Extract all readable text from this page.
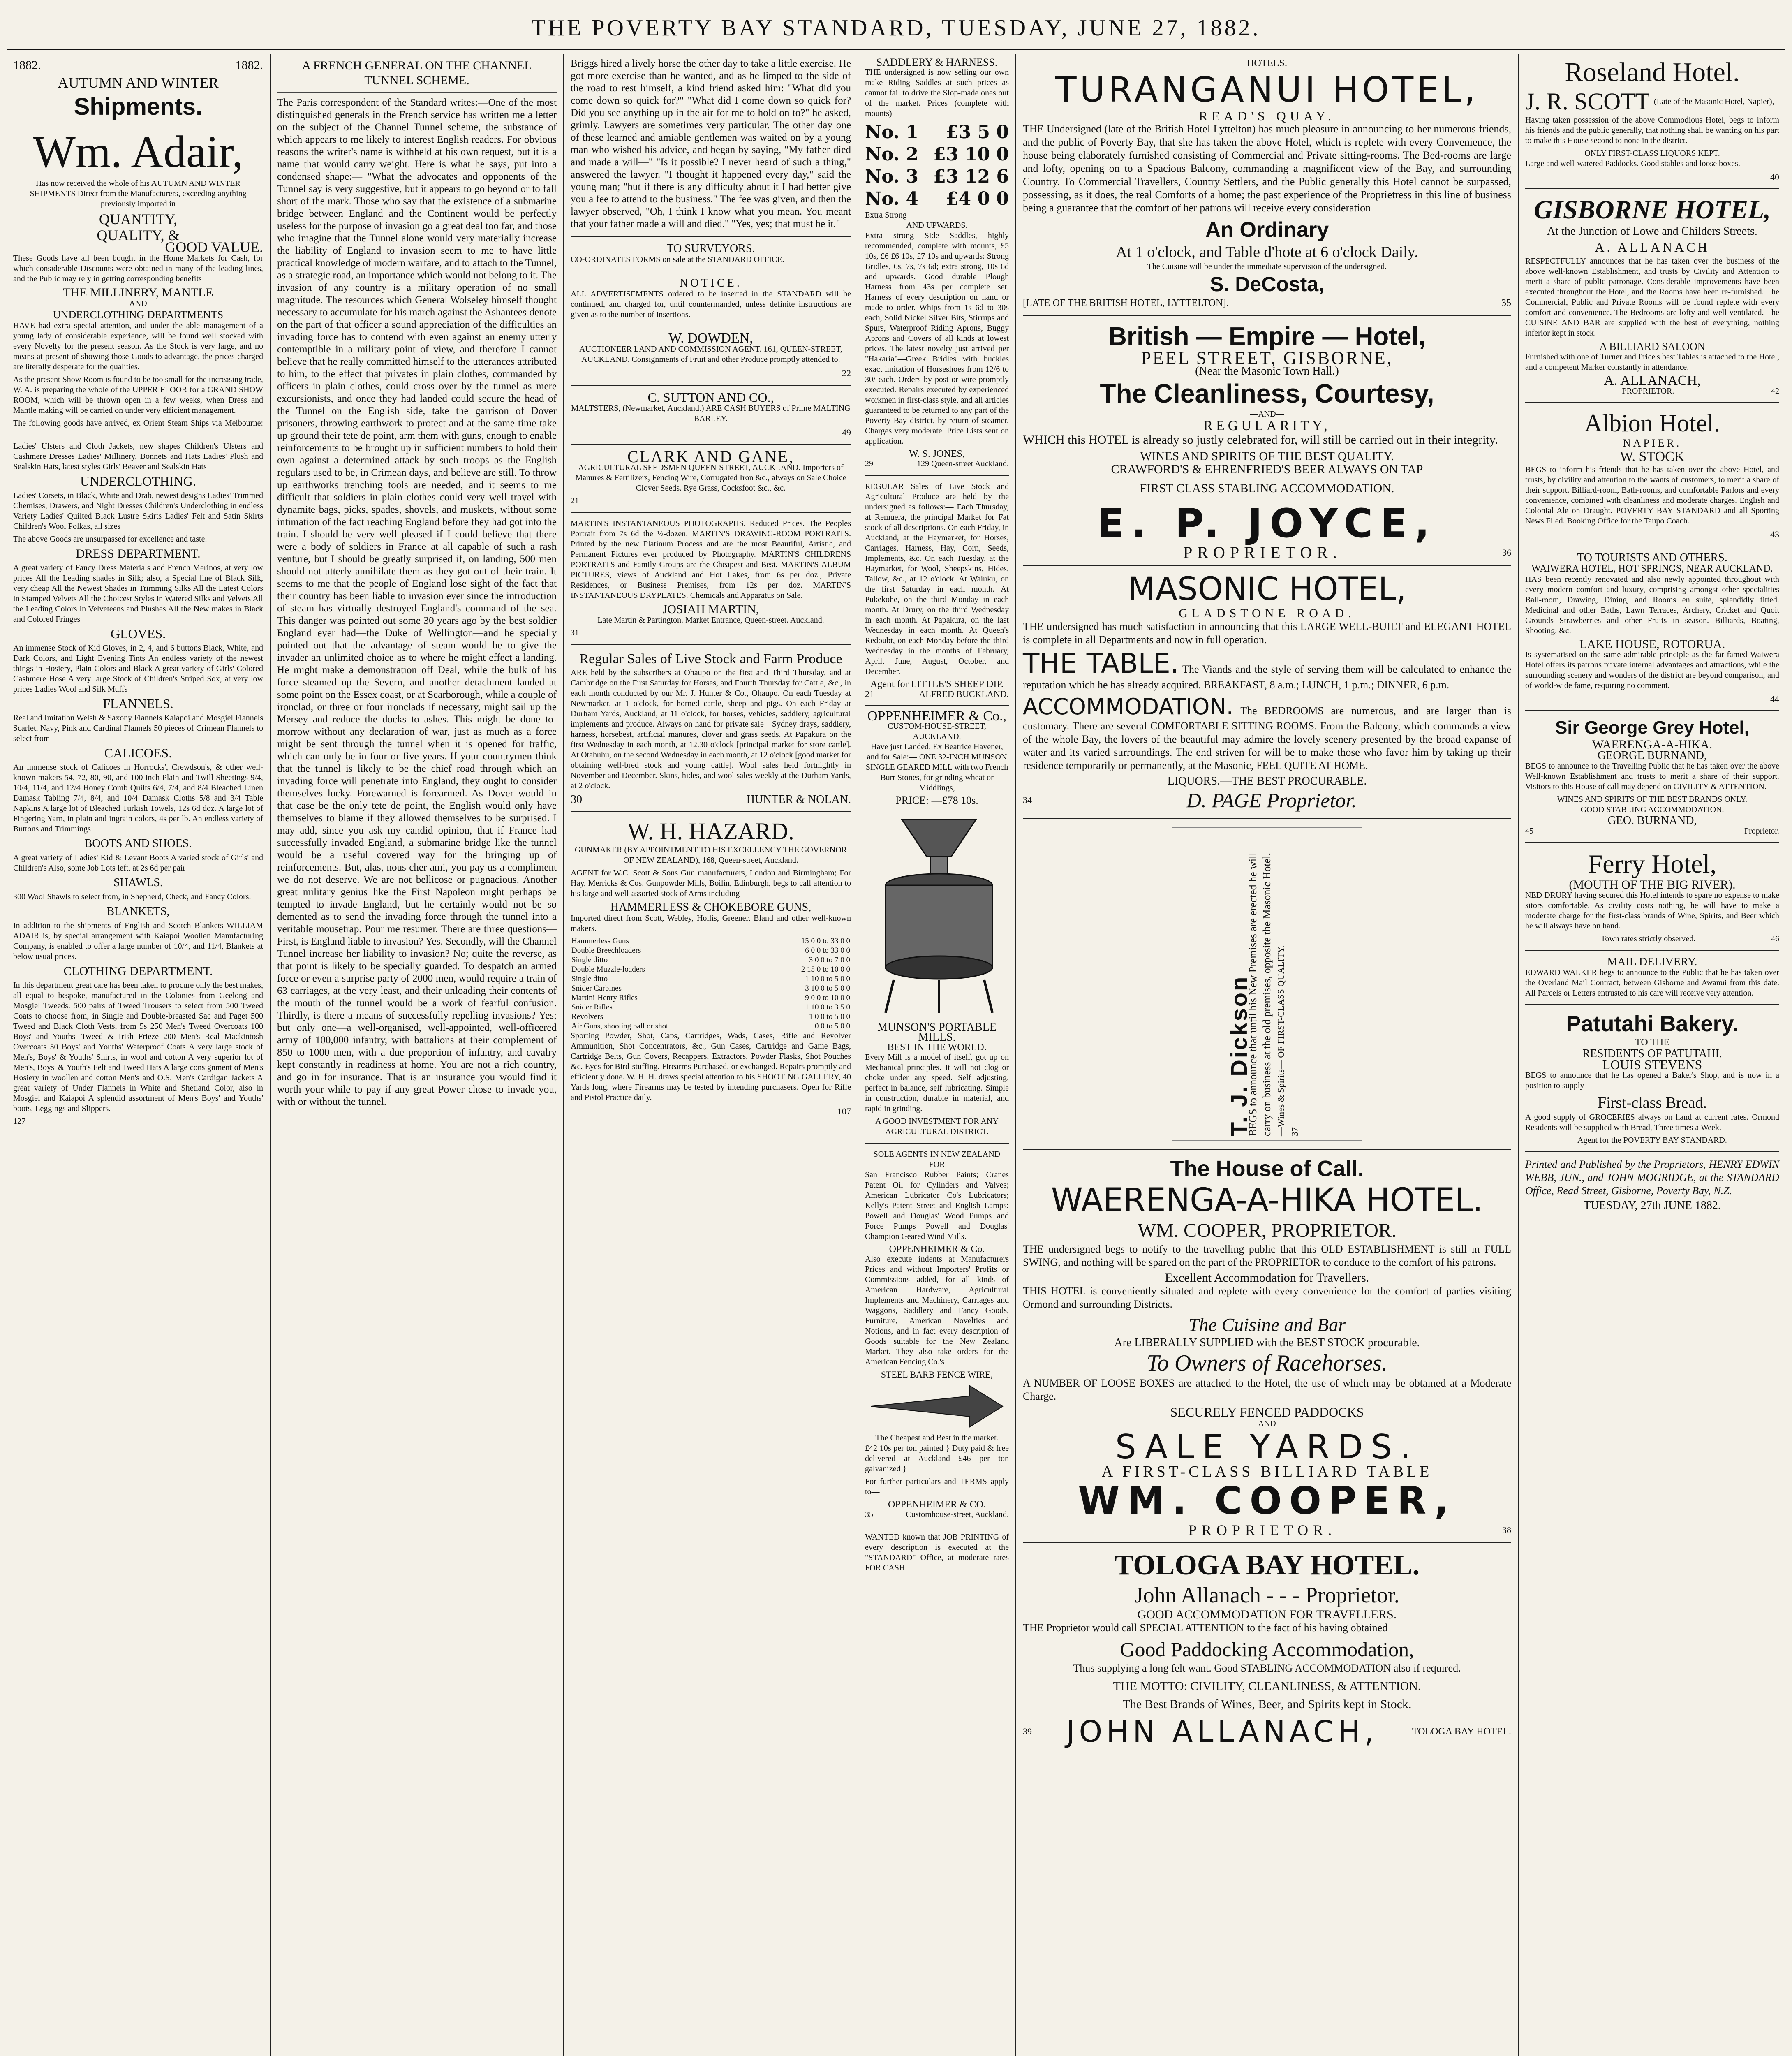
THE POVERTY BAY STANDARD, TUESDAY, JUNE 27, 1882.
1882.	1882.
AUTUMN AND WINTER
Shipments.
Wm. Adair,

Has now received the whole of his AUTUMN AND WINTER SHIPMENTS Direct from the Manufacturers, exceeding anything previously imported in

QUANTITY,
QUALITY, &
GOOD VALUE.

These Goods have all been bought in the Home Markets for Cash, for which considerable Discounts were obtained in many of the leading lines, and the Public may rely in getting corresponding benefits

THE MILLINERY, MANTLE
—AND—
UNDERCLOTHING DEPARTMENTS

HAVE had extra special attention, and under the able management of a young lady of considerable experience, will be found well stocked with every Novelty for the present season. As the Stock is very large, and no means at present of showing those Goods to advantage, the prices charged are literally desperate for the qualities.

As the present Show Room is found to be too small for the increasing trade, W. A. is preparing the whole of the UPPER FLOOR for a GRAND SHOW ROOM, which will be thrown open in a few weeks, when Dress and Mantle making will be carried on under very efficient management.

The following goods have arrived, ex Orient Steam Ships via Melbourne:—

Ladies' Ulsters and Cloth Jackets, new shapes Children's Ulsters and Cashmere Dresses Ladies' Millinery, Bonnets and Hats Ladies' Plush and Sealskin Hats, latest styles Girls' Beaver and Sealskin Hats

UNDERCLOTHING.

Ladies' Corsets, in Black, White and Drab, newest designs Ladies' Trimmed Chemises, Drawers, and Night Dresses Children's Underclothing in endless Variety Ladies' Quilted Black Lustre Skirts Ladies' Felt and Satin Skirts Children's Wool Polkas, all sizes

The above Goods are unsurpassed for excellence and taste.

DRESS DEPARTMENT.

A great variety of Fancy Dress Materials and French Merinos, at very low prices All the Leading shades in Silk; also, a Special line of Black Silk, very cheap All the Newest Shades in Trimming Silks All the Latest Colors in Stamped Velvets All the Choicest Styles in Watered Silks and Velvets All the Leading Colors in Velveteens and Plushes All the New makes in Black and Colored Fringes

GLOVES.

An immense Stock of Kid Gloves, in 2, 4, and 6 buttons Black, White, and Dark Colors, and Light Evening Tints An endless variety of the newest things in Hosiery, Plain Colors and Black A great variety of Girls' Colored Cashmere Hose A very large Stock of Children's Striped Sox, at very low prices Ladies Wool and Silk Muffs

FLANNELS.

Real and Imitation Welsh & Saxony Flannels Kaiapoi and Mosgiel Flannels Scarlet, Navy, Pink and Cardinal Flannels 50 pieces of Crimean Flannels to select from

CALICOES.

An immense stock of Calicoes in Horrocks', Crewdson's, & other well-known makers 54, 72, 80, 90, and 100 inch Plain and Twill Sheetings 9/4, 10/4, 11/4, and 12/4 Honey Comb Quilts 6/4, 7/4, and 8/4 Bleached Linen Damask Tabling 7/4, 8/4, and 10/4 Damask Cloths 5/8 and 3/4 Table Napkins A large lot of Bleached Turkish Towels, 12s 6d doz. A large lot of Fingering Yarn, in plain and ingrain colors, 4s per lb. An endless variety of Buttons and Trimmings

BOOTS AND SHOES.

A great variety of Ladies' Kid & Levant Boots A varied stock of Girls' and Children's Also, some Job Lots left, at 2s 6d per pair

SHAWLS.

300 Wool Shawls to select from, in Shepherd, Check, and Fancy Colors.

BLANKETS,

In addition to the shipments of English and Scotch Blankets WILLIAM ADAIR is, by special arrangement with Kaiapoi Woollen Manufacturing Company, is enabled to offer a large number of 10/4, and 11/4, Blankets at below usual prices.

CLOTHING DEPARTMENT.

In this department great care has been taken to procure only the best makes, all equal to bespoke, manufactured in the Colonies from Geelong and Mosgiel Tweeds. 500 pairs of Tweed Trousers to select from 500 Tweed Coats to choose from, in Single and Double-breasted Sac and Paget 500 Tweed and Black Cloth Vests, from 5s 250 Men's Tweed Overcoats 100 Boys' and Youths' Tweed & Irish Frieze 200 Men's Real Mackintosh Overcoats 50 Boys' and Youths' Waterproof Coats A very large stock of Men's, Boys' & Youths' Shirts, in wool and cotton A very superior lot of Men's, Boys' & Youth's Felt and Tweed Hats A large consignment of Men's Hosiery in woollen and cotton Men's and O.S. Men's Cardigan Jackets A great variety of Under Flannels in White and Shetland Color, also in Mosgiel and Kaiapoi A splendid assortment of Men's Boys' and Youths' boots, Leggings and Slippers.

127
A FRENCH GENERAL ON THE CHANNEL TUNNEL SCHEME.

The Paris correspondent of the Standard writes:—One of the most distinguished generals in the French service has written me a letter on the subject of the Channel Tunnel scheme, the substance of which appears to me likely to interest English readers. For obvious reasons the writer's name is withheld at his own request, but it is a name that would carry weight. Here is what he says, put into a condensed shape:— "What the advocates and opponents of the Tunnel say is very suggestive, but it appears to go beyond or to fall short of the mark. Those who say that the existence of a submarine bridge between England and the Continent would be perfectly useless for the purpose of invasion go a great deal too far, and those who imagine that the Tunnel alone would very materially increase the liability of England to invasion seem to me to have little practical knowledge of modern warfare, and to attach to the Tunnel, as a strategic road, an importance which would not belong to it. The invasion of any country is a military operation of no small magnitude. The resources which General Wolseley himself thought necessary to accumulate for his march against the Ashantees denote on the part of that officer a sound appreciation of the difficulties an invading force has to contend with even against an enemy utterly contemptible in a military point of view, and therefore I cannot believe that he really committed himself to the utterances attributed to him, to the effect that privates in plain clothes, commanded by officers in plain clothes, could cross over by the tunnel as mere excursionists, and once they had landed could secure the head of the Tunnel on the English side, take the garrison of Dover prisoners, throwing earthwork to protect and at the same time take up ground their tete de point, arm them with guns, enough to enable reinforcements to be brought up in sufficient numbers to hold their own against a determined attack by such troops as the English regulars used to be, in Crimean days, and believe are still. To throw up earthworks trenching tools are needed, and it seems to me difficult that soldiers in plain clothes could very well travel with dynamite bags, picks, spades, shovels, and muskets, without some intimation of the fact reaching England before they had got into the train. I should be very well pleased if I could believe that there were a body of soldiers in France at all capable of such a rash venture, but I should be greatly surprised if, on landing, 500 men should not utterly annihilate them as they got out of their train. It seems to me that the people of England lose sight of the fact that their country has been liable to invasion ever since the introduction of steam has virtually destroyed England's command of the sea. This danger was pointed out some 30 years ago by the best soldier England ever had—the Duke of Wellington—and he specially pointed out that the advantage of steam would be to give the invader an unlimited choice as to where he might effect a landing. He might make a demonstration off Deal, while the bulk of his force steamed up the Severn, and another detachment landed at some point on the Essex coast, or at Scarborough, while a couple of ironclad, or three or four ironclads if necessary, might sail up the Mersey and reduce the docks to ashes. This might be done to-morrow without any declaration of war, just as much as a force might be sent through the tunnel when it is opened for traffic, which can only be in four or five years. If your countrymen think that the tunnel is likely to be the chief road through which an invading force will penetrate into England, they ought to consider themselves lucky. Forewarned is forearmed. As Dover would in that case be the only tete de point, the English would only have themselves to blame if they allowed themselves to be surprised. I may add, since you ask my candid opinion, that if France had successfully invaded England, a submarine bridge like the tunnel would be a useful covered way for the bringing up of reinforcements. But, alas, nous cher ami, you pay us a compliment we do not deserve. We are not bellicose or pugnacious. Another great military genius like the First Napoleon might perhaps be tempted to invade England, but he certainly would not be so demented as to send the invading force through the tunnel into a veritable mousetrap. Pour me resumer. There are three questions—First, is England liable to invasion? Yes. Secondly, will the Channel Tunnel increase her liability to invasion? No; quite the reverse, as that point is likely to be specially guarded. To despatch an armed force or even a surprise party of 2000 men, would require a train of 63 carriages, at the very least, and their unloading their contents of the mouth of the tunnel would be a work of fearful confusion. Thirdly, is there a means of successfully repelling invasions? Yes; but only one—a well-organised, well-appointed, well-officered army of 100,000 infantry, with battalions at their complement of 850 to 1000 men, with a due proportion of infantry, and cavalry kept constantly in readiness at home. You are not a rich country, and go in for insurance. That is an insurance you would find it worth your while to pay if any great Power chose to invade you, with or without the tunnel.

Briggs hired a lively horse the other day to take a little exercise. He got more exercise than he wanted, and as he limped to the side of the road to rest himself, a kind friend asked him: "What did you come down so quick for?" "What did I come down so quick for? Did you see anything up in the air for me to hold on to?" he asked, grimly. Lawyers are sometimes very particular. The other day one of these learned and amiable gentlemen was waited on by a young man who wished his advice, and began by saying, "My father died and made a will—" "Is it possible? I never heard of such a thing," answered the lawyer. "I thought it happened every day," said the young man; "but if there is any difficulty about it I had better give you a fee to attend to the business." The fee was given, and then the lawyer observed, "Oh, I think I know what you mean. You meant that your father made a will and died." "Yes, yes; that must be it."

TO SURVEYORS.

CO-ORDINATES FORMS on sale at the STANDARD OFFICE.

NOTICE.

ALL ADVERTISEMENTS ordered to be inserted in the STANDARD will be continued, and charged for, until countermanded, unless definite instructions are given as to the number of insertions.

W. DOWDEN,

AUCTIONEER LAND AND COMMISSION AGENT. 161, QUEEN-STREET, AUCKLAND. Consignments of Fruit and other Produce promptly attended to.

22
C. SUTTON AND CO.,

MALTSTERS, (Newmarket, Auckland.) ARE CASH BUYERS of Prime MALTING BARLEY.

49
CLARK AND GANE,

AGRICULTURAL SEEDSMEN QUEEN-STREET, AUCKLAND. Importers of Manures & Fertilizers, Fencing Wire, Corrugated Iron &c., always on Sale Choice Clover Seeds. Rye Grass, Cocksfoot &c., &c.

21

MARTIN'S INSTANTANEOUS PHOTOGRAPHS. Reduced Prices. The Peoples Portrait from 7s 6d the ½-dozen. MARTIN'S DRAWING-ROOM PORTRAITS. Printed by the new Platinum Process and are the most Beautiful, Artistic, and Permanent Pictures ever produced by Photography. MARTIN'S CHILDRENS PORTRAITS and Family Groups are the Cheapest and Best. MARTIN'S ALBUM PICTURES, views of Auckland and Hot Lakes, from 6s per doz., Private Residences, or Business Premises, from 12s per doz. MARTIN'S INSTANTANEOUS DRYPLATES. Chemicals and Apparatus on Sale.

JOSIAH MARTIN,

Late Martin & Partington. Market Entrance, Queen-street. Auckland.

31
Regular Sales of Live Stock and Farm Produce

ARE held by the subscribers at Ohaupo on the first and Third Thursday, and at Cambridge on the First Saturday for Horses, and Fourth Thursday for Cattle, &c., in each month conducted by our Mr. J. Hunter & Co., Ohaupo. On each Tuesday at Newmarket, at 1 o'clock, for horned cattle, sheep and pigs. On each Friday at Durham Yards, Auckland, at 11 o'clock, for horses, vehicles, saddlery, agricultural implements and produce. Always on hand for private sale—Sydney drays, saddlery, harness, horsebest, artificial manures, clover and grass seeds. At Papakura on the first Wednesday in each month, at 12.30 o'clock [principal market for store cattle]. At Otahuhu, on the second Wednesday in each month, at 12 o'clock [good market for obtaining well-bred stock and young cattle]. Wool sales held fortnightly in November and December. Skins, hides, and wool sales weekly at the Durham Yards, at 2 o'clock.

30	HUNTER & NOLAN.
W. H. HAZARD.

GUNMAKER (BY APPOINTMENT TO HIS EXCELLENCY THE GOVERNOR OF NEW ZEALAND), 168, Queen-street, Auckland.

AGENT for W.C. Scott & Sons Gun manufacturers, London and Birmingham; For Hay, Merricks & Cos. Gunpowder Mills, Boilin, Edinburgh, begs to call attention to his large and well-assorted stock of Arms including—

HAMMERLESS & CHOKEBORE GUNS,

Imported direct from Scott, Webley, Hollis, Greener, Bland and other well-known makers.

Hammerless Guns	15 0 0 to 33 0 0
Double Breechloaders	6 0 0 to 33 0 0
Single ditto	3 0 0 to 7 0 0
Double Muzzle-loaders	2 15 0 to 10 0 0
Single ditto	1 10 0 to 5 0 0
Snider Carbines	3 10 0 to 5 0 0
Martini-Henry Rifles	9 0 0 to 10 0 0
Snider Rifles	1 10 0 to 3 5 0
Revolvers	1 0 0 to 5 0 0
Air Guns, shooting ball or shot	0 0 to 5 0 0

Sporting Powder, Shot, Caps, Cartridges, Wads, Cases, Rifle and Revolver Ammunition, Shot Concentrators, &c., Gun Cases, Cartridge and Game Bags, Cartridge Belts, Gun Covers, Recappers, Extractors, Powder Flasks, Shot Pouches &c. Eyes for Bird-stuffing. Firearms Purchased, or exchanged. Repairs promptly and efficiently done. W. H. H. draws special attention to his SHOOTING GALLERY, 40 Yards long, where Firearms may be tested by intending purchasers. Open for Rifle and Pistol Practice daily.

107
SADDLERY & HARNESS.

THE undersigned is now selling our own make Riding Saddles at such prices as cannot fail to drive the Slop-made ones out of the market. Prices (complete with mounts)—

No. 1 £3 5 0
No. 2 £3 10 0
No. 3 £3 12 6
No. 4 £4 0 0
Extra Strong
AND UPWARDS.

Extra strong Side Saddles, highly recommended, complete with mounts, £5 10s, £6 £6 10s, £7 10s and upwards: Strong Bridles, 6s, 7s, 7s 6d; extra strong, 10s 6d and upwards. Good durable Plough Harness from 43s per complete set. Harness of every description on hand or made to order. Whips from 1s 6d to 30s each, Solid Nickel Silver Bits, Stirrups and Spurs, Waterproof Riding Aprons, Buggy Aprons and Covers of all kinds at lowest prices. The latest novelty just arrived per "Hakaria"—Greek Bridles with buckles exact imitation of Horseshoes from 12/6 to 30/ each. Orders by post or wire promptly executed. Repairs executed by experienced workmen in first-class style, and all articles guaranteed to be returned to any part of the Poverty Bay district, by return of steamer. Charges very moderate. Price Lists sent on application.

W. S. JONES,
29	129 Queen-street Auckland.

REGULAR Sales of Live Stock and Agricultural Produce are held by the undersigned as follows:— Each Thursday, at Remuera, the principal Market for Fat stock of all descriptions. On each Friday, in Auckland, at the Haymarket, for Horses, Carriages, Harness, Hay, Corn, Seeds, Implements, &c. On each Tuesday, at the Haymarket, for Wool, Sheepskins, Hides, Tallow, &c., at 12 o'clock. At Waiuku, on the first Saturday in each month. At Pukekohe, on the third Monday in each month. At Drury, on the third Wednesday in each month. At Papakura, on the last Wednesday in each month. At Queen's Redoubt, on each Monday before the third Wednesday in the months of February, April, June, August, October, and December.

Agent for LITTLE'S SHEEP DIP.
21	ALFRED BUCKLAND.
OPPENHEIMER & Co.,
CUSTOM-HOUSE-STREET, AUCKLAND,

Have just Landed, Ex Beatrice Havener, and for Sale:— ONE 32-INCH MUNSON SINGLE GEARED MILL with two French Burr Stones, for grinding wheat or Middlings,

PRICE: —£78 10s.
MUNSON'S PORTABLE MILLS.
BEST IN THE WORLD.

Every Mill is a model of itself, got up on Mechanical principles. It will not clog or choke under any speed. Self adjusting, perfect in balance, self lubricating. Simple in construction, durable in material, and rapid in grinding.

A GOOD INVESTMENT FOR ANY AGRICULTURAL DISTRICT.
SOLE AGENTS IN NEW ZEALAND FOR

San Francisco Rubber Paints; Cranes Patent Oil for Cylinders and Valves; American Lubricator Co's Lubricators; Kelly's Patent Street and English Lamps; Powell and Douglas' Wood Pumps and Force Pumps Powell and Douglas' Champion Geared Wind Mills.

OPPENHEIMER & Co.

Also execute indents at Manufacturers Prices and without Importers' Profits or Commissions added, for all kinds of American Hardware, Agricultural Implements and Machinery, Carriages and Waggons, Saddlery and Fancy Goods, Furniture, American Novelties and Notions, and in fact every description of Goods suitable for the New Zealand Market. They also take orders for the American Fencing Co.'s

STEEL BARB FENCE WIRE,
The Cheapest and Best in the market.

£42 10s per ton painted } Duty paid & free delivered at Auckland £46 per ton galvanized }

For further particulars and TERMS apply to—

OPPENHEIMER & CO.
35	Customhouse-street, Auckland.

WANTED known that JOB PRINTING of every description is executed at the "STANDARD" Office, at moderate rates FOR CASH.

HOTELS.
TURANGANUI HOTEL,
READ'S QUAY.

THE Undersigned (late of the British Hotel Lyttelton) has much pleasure in announcing to her numerous friends, and the public of Poverty Bay, that she has taken the above Hotel, which is replete with every Convenience, the house being elaborately furnished consisting of Commercial and Private sitting-rooms. The Bed-rooms are large and lofty, opening on to a Spacious Balcony, commanding a magnificent view of the Bay, and surrounding Country. To Commercial Travellers, Country Settlers, and the Public generally this Hotel cannot be surpassed, possessing, as it does, the real Comforts of a home; the past experience of the Proprietress in this line of business being a guarantee that the comfort of her patrons will receive every consideration

An Ordinary
At 1 o'clock, and Table d'hote at 6 o'clock Daily.
The Cuisine will be under the immediate supervision of the undersigned.
S. DeCosta,
[LATE OF THE BRITISH HOTEL, LYTTELTON].	35
British — Empire — Hotel,
PEEL STREET, GISBORNE,
(Near the Masonic Town Hall.)
The Cleanliness, Courtesy,
—AND—
REGULARITY,

WHICH this HOTEL is already so justly celebrated for, will still be carried out in their integrity.

WINES AND SPIRITS OF THE BEST QUALITY.
CRAWFORD'S & EHRENFRIED'S BEER ALWAYS ON TAP
FIRST CLASS STABLING ACCOMMODATION.
E. P. JOYCE,
PROPRIETOR.	36
MASONIC HOTEL,
GLADSTONE ROAD.

THE undersigned has much satisfaction in announcing that this LARGE WELL-BUILT and ELEGANT HOTEL is complete in all Departments and now in full operation.

THE TABLE. The Viands and the style of serving them will be calculated to enhance the reputation which he has already acquired. BREAKFAST, 8 a.m.; LUNCH, 1 p.m.; DINNER, 6 p.m.

ACCOMMODATION. The BEDROOMS are numerous, and are larger than is customary. There are several COMFORTABLE SITTING ROOMS. From the Balcony, which commands a view of the whole Bay, the lovers of the beautiful may admire the lovely scenery presented by the broad expanse of water and its varied surroundings. The end striven for will be to make those who favor him by taking up their residence temporarily or permanently, at the Masonic, FEEL QUITE AT HOME.

LIQUORS.—THE BEST PROCURABLE.
34	D. PAGE Proprietor.
T. J. Dickson
BEGS to announce that until his New Premises are erected he will carry on business at the old premises, opposite the Masonic Hotel. —Wines & Spirits— OF FIRST-CLASS QUALITY. 37
The House of Call.
WAERENGA-A-HIKA HOTEL.
WM. COOPER, PROPRIETOR.

THE undersigned begs to notify to the travelling public that this OLD ESTABLISHMENT is still in FULL SWING, and nothing will be spared on the part of the PROPRIETOR to conduce to the comfort of his patrons.

Excellent Accommodation for Travellers.

THIS HOTEL is conveniently situated and replete with every convenience for the comfort of parties visiting Ormond and surrounding Districts.

The Cuisine and Bar
Are LIBERALLY SUPPLIED with the BEST STOCK procurable.
To Owners of Racehorses.

A NUMBER OF LOOSE BOXES are attached to the Hotel, the use of which may be obtained at a Moderate Charge.

SECURELY FENCED PADDOCKS
—AND—
SALE YARDS.
A FIRST-CLASS BILLIARD TABLE
WM. COOPER,
PROPRIETOR.	38
TOLOGA BAY HOTEL.
John Allanach - - - Proprietor.
GOOD ACCOMMODATION FOR TRAVELLERS.

THE Proprietor would call SPECIAL ATTENTION to the fact of his having obtained

Good Paddocking Accommodation,

Thus supplying a long felt want. Good STABLING ACCOMMODATION also if required.

THE MOTTO: CIVILITY, CLEANLINESS, & ATTENTION.
The Best Brands of Wines, Beer, and Spirits kept in Stock.
39 JOHN ALLANACH,	TOLOGA BAY HOTEL.
Roseland Hotel.
J. R. SCOTT (Late of the Masonic Hotel, Napier),

Having taken possession of the above Commodious Hotel, begs to inform his friends and the public generally, that nothing shall be wanting on his part to make this House second to none in the district.

ONLY FIRST-CLASS LIQUORS KEPT.

Large and well-watered Paddocks. Good stables and loose boxes.

40
GISBORNE HOTEL,
At the Junction of Lowe and Childers Streets.
A. ALLANACH

RESPECTFULLY announces that he has taken over the business of the above well-known Establishment, and trusts by Civility and Attention to merit a share of public patronage. Considerable improvements have been executed throughout the Hotel, and the Rooms have been re-furnished. The Commercial, Public and Private Rooms will be found replete with every comfort and convenience. The Bedrooms are lofty and well-ventilated. The CUISINE AND BAR are supplied with the best of everything, nothing inferior kept in stock.

A BILLIARD SALOON

Furnished with one of Turner and Price's best Tables is attached to the Hotel, and a competent Marker constantly in attendance.

A. ALLANACH,
PROPRIETOR.	42
Albion Hotel.
NAPIER.
W. STOCK

BEGS to inform his friends that he has taken over the above Hotel, and trusts, by civility and attention to the wants of customers, to merit a share of their support. Billiard-room, Bath-rooms, and comfortable Parlors and every convenience, combined with cleanliness and moderate charges. English and Colonial Ale on Draught. POVERTY BAY STANDARD and all Sporting News Filed. Booking Office for the Taupo Coach.

43
TO TOURISTS AND OTHERS.
WAIWERA HOTEL, HOT SPRINGS, NEAR AUCKLAND.

HAS been recently renovated and also newly appointed throughout with every modern comfort and luxury, comprising amongst other specialities Ball-room, Drawing, Dining, and Rooms en suite, splendidly fitted. Medicinal and other Baths, Lawn Terraces, Archery, Cricket and Quoit Grounds Strawberries and other Fruits in season. Billiards, Boating, Shooting, &c.

LAKE HOUSE, ROTORUA.

Is systematised on the same admirable principle as the far-famed Waiwera Hotel offers its patrons private internal advantages and attractions, while the surrounding scenery and wonders of the district are beyond comparison, and of world-wide fame, requiring no comment.

44
Sir George Grey Hotel,
WAERENGA-A-HIKA.
GEORGE BURNAND,

BEGS to announce to the Travelling Public that he has taken over the above Well-known Establishment and trusts to merit a share of their support. Visitors to this House of call may depend on CIVILITY & ATTENTION.

WINES AND SPIRITS OF THE BEST BRANDS ONLY.
GOOD STABLING ACCOMMODATION.
GEO. BURNAND,
45	Proprietor.
Ferry Hotel,
(MOUTH OF THE BIG RIVER).

NED DRURY having secured this Hotel intends to spare no expense to make sitors comfortable. As civility costs nothing, he will have to make a moderate charge for the first-class brands of Wine, Spirits, and Beer which he will always have on hand.

Town rates strictly observed.	46
MAIL DELIVERY.

EDWARD WALKER begs to announce to the Public that he has taken over the Overland Mail Contract, between Gisborne and Awanui from this date. All Parcels or Letters entrusted to his care will receive very attention.

Patutahi Bakery.
TO THE
RESIDENTS OF PATUTAHI.
LOUIS STEVENS

BEGS to announce that he has opened a Baker's Shop, and is now in a position to supply—

First-class Bread.

A good supply of GROCERIES always on hand at current rates. Ormond Residents will be supplied with Bread, Three times a Week.

Agent for the POVERTY BAY STANDARD.

Printed and Published by the Proprietors, HENRY EDWIN WEBB, JUN., and JOHN MOGRIDGE, at the STANDARD Office, Read Street, Gisborne, Poverty Bay, N.Z.

TUESDAY, 27th JUNE 1882.
